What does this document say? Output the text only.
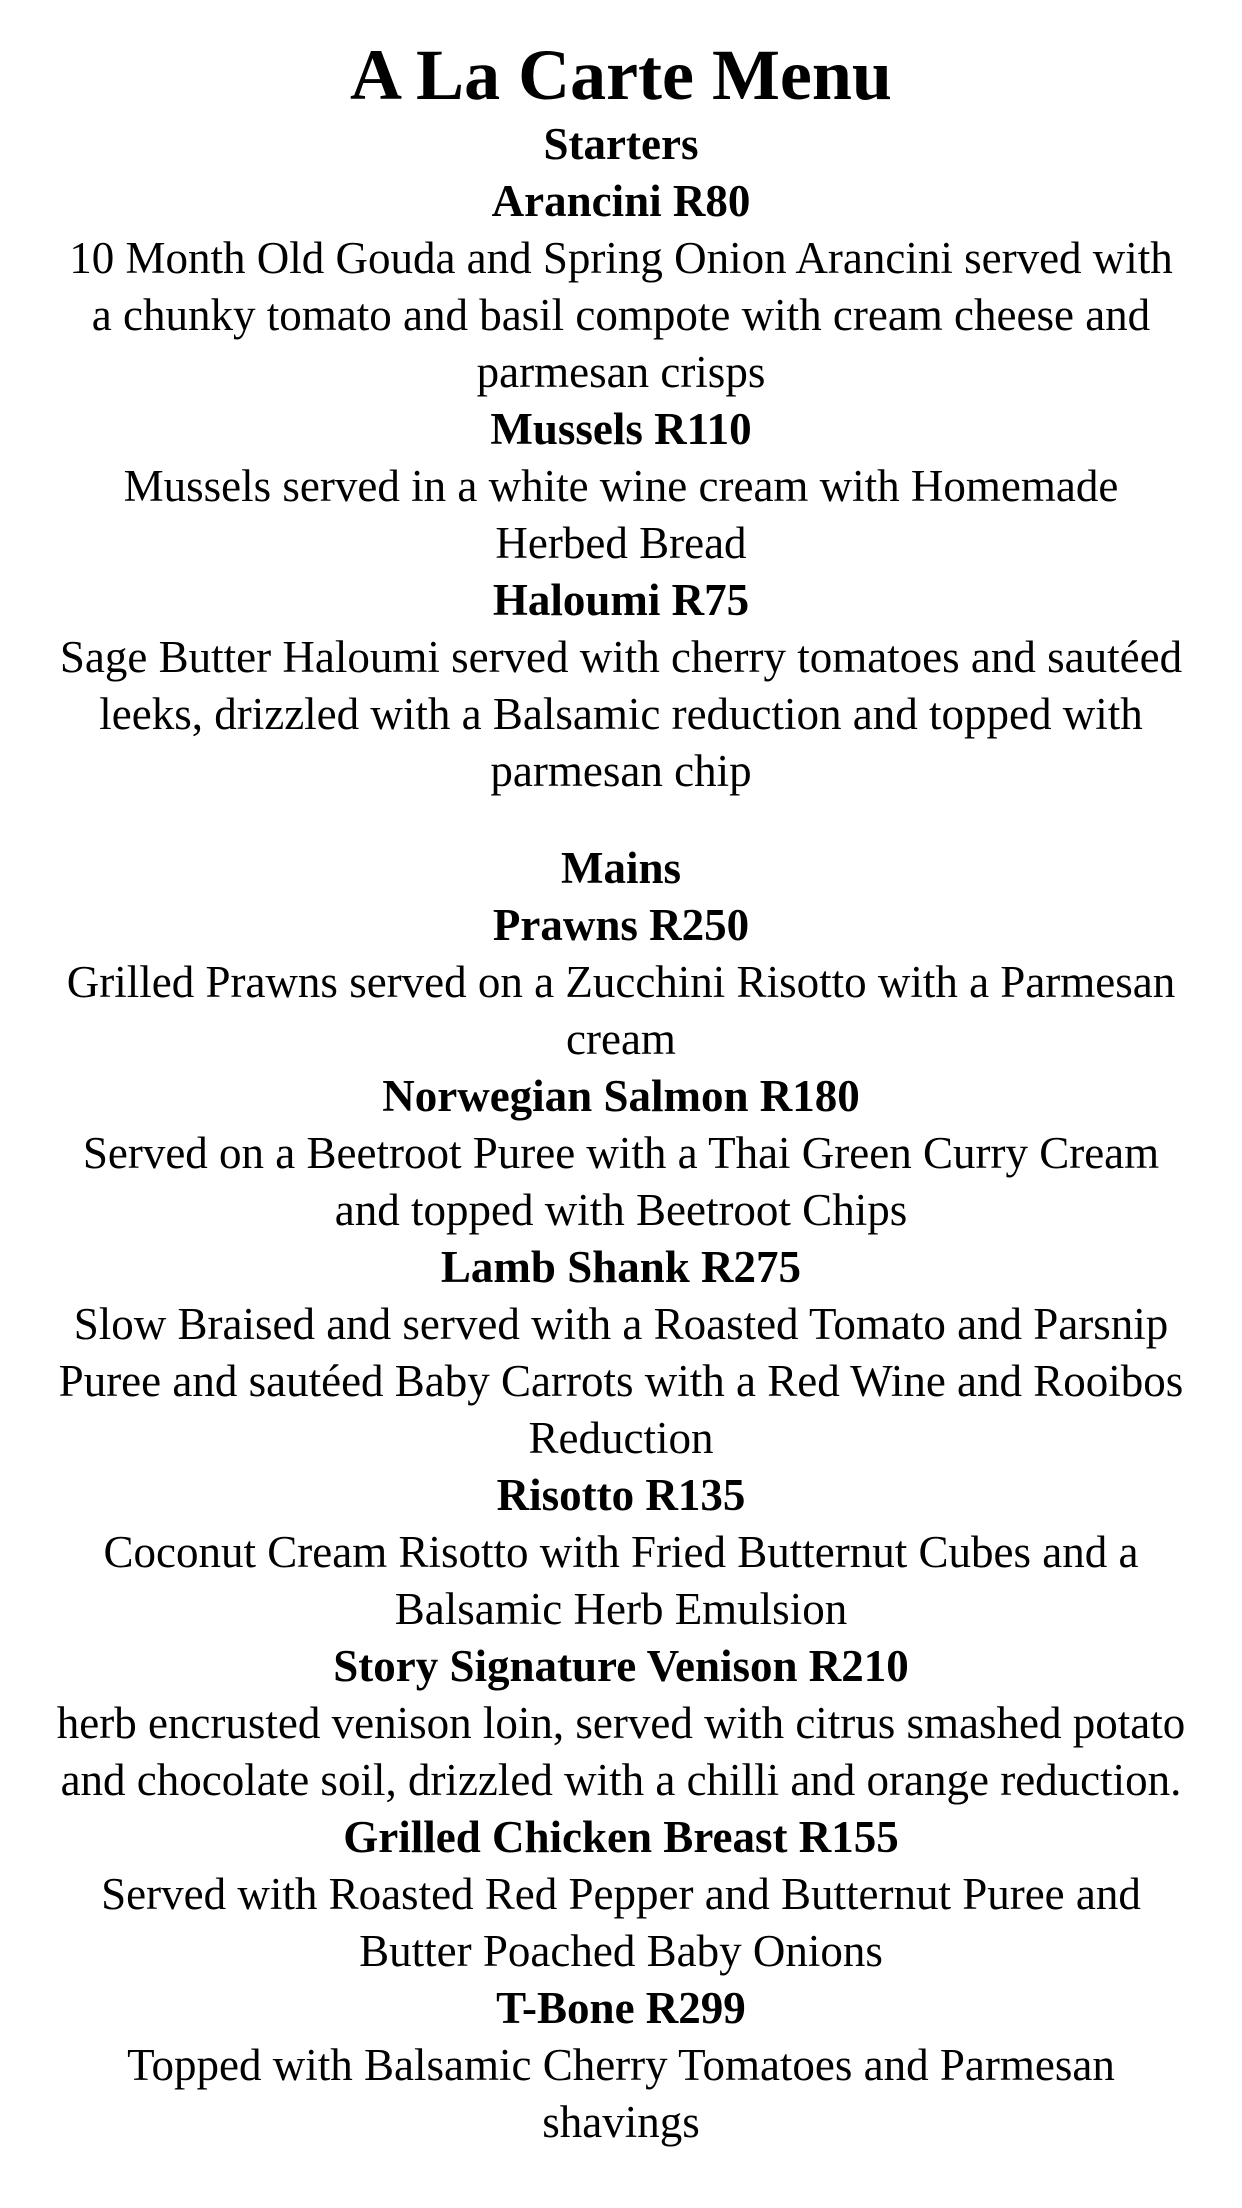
A La Carte Menu
Starters
Arancini R80
10 Month Old Gouda and Spring Onion Arancini served with a chunky tomato and basil compote with cream cheese and parmesan crisps
Mussels R110
Mussels served in a white wine cream with Homemade Herbed Bread
Haloumi R75
Sage Butter Haloumi served with cherry tomatoes and sautéed leeks, drizzled with a Balsamic reduction and topped with parmesan chip
Mains
Prawns R250
Grilled Prawns served on a Zucchini Risotto with a Parmesan cream
Norwegian Salmon R180
Served on a Beetroot Puree with a Thai Green Curry Cream and topped with Beetroot Chips
Lamb Shank R275
Slow Braised and served with a Roasted Tomato and Parsnip Puree and sautéed Baby Carrots with a Red Wine and Rooibos Reduction
Risotto R135
Coconut Cream Risotto with Fried Butternut Cubes and a Balsamic Herb Emulsion
Story Signature Venison R210
herb encrusted venison loin, served with citrus smashed potato and chocolate soil, drizzled with a chilli and orange reduction.
Grilled Chicken Breast R155
Served with Roasted Red Pepper and Butternut Puree and Butter Poached Baby Onions
T-Bone R299
Topped with Balsamic Cherry Tomatoes and Parmesan shavings
